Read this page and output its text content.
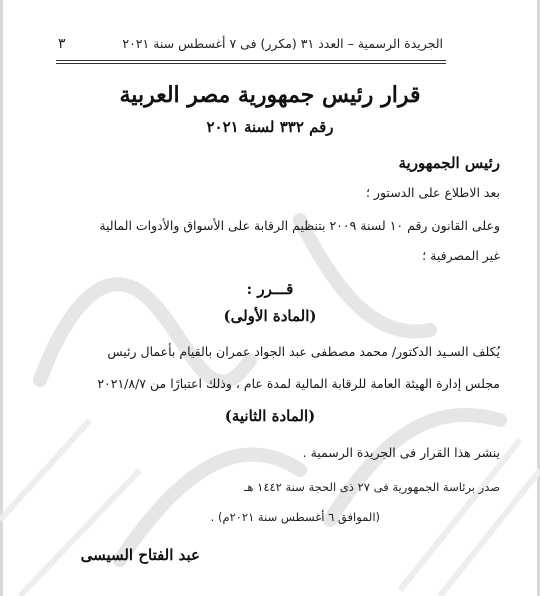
الجريدة الرسمية – العدد ٣١ (مكرر) فى ٧ أغسطس سنة ٢٠٢١
٣
قرار رئيس جمهورية مصر العربية
رقم ٣٣٢ لسنة ٢٠٢١
رئيس الجمهورية
بعد الاطلاع على الدستور ؛
وعلى القانون رقم ١٠ لسنة ٢٠٠٩ بتنظيم الرقابة على الأسواق والأدوات المالية
غير المصرفية ؛
قـــرر :
(المادة الأولى)
يُكلف السـيد الدكتور/ محمد مصطفى عبد الجواد عمران بالقيام بأعمال رئيس
مجلس إدارة الهيئة العامة للرقابة المالية لمدة عام ، وذلك اعتبارًا من ٢٠٢١/٨/٧
(المادة الثانية)
ينشر هذا القرار فى الجريدة الرسمية .
صدر برئاسة الجمهورية فى ٢٧ ذى الحجة سنة ١٤٤٢ هـ
(الموافق ٦ أغسطس سنة ٢٠٢١م) .
عبد الفتاح السيسى
